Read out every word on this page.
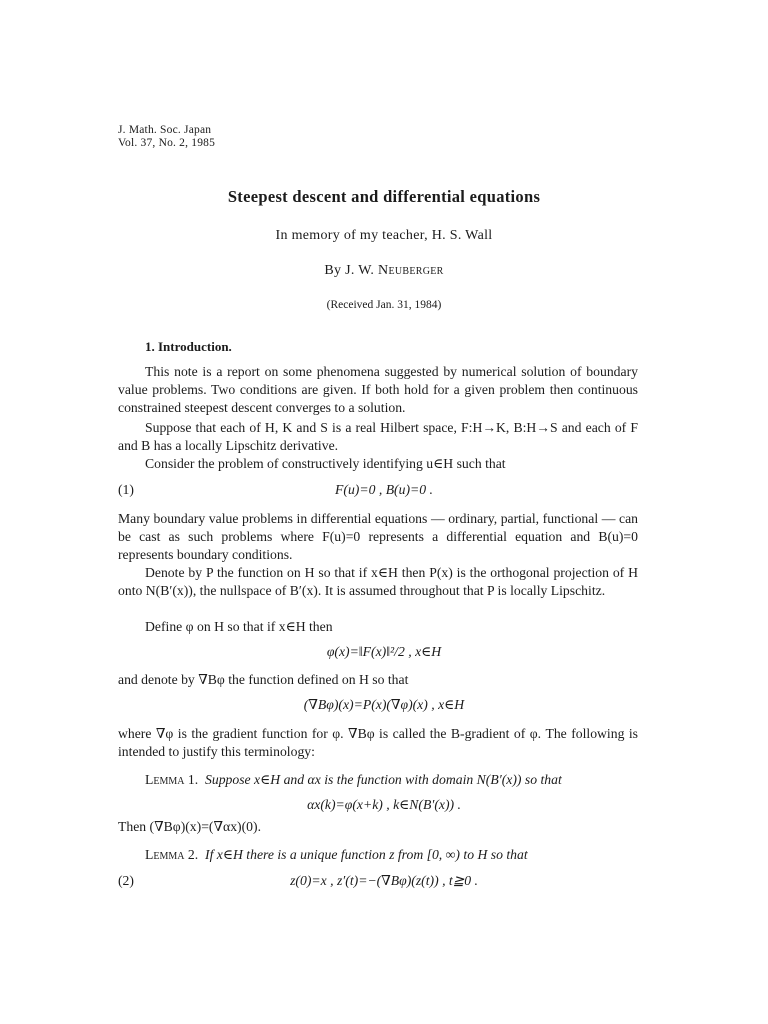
J. Math. Soc. Japan
Vol. 37, No. 2, 1985
Steepest descent and differential equations
In memory of my teacher, H. S. Wall
By J. W. Neuberger
(Received Jan. 31, 1984)
1. Introduction.
This note is a report on some phenomena suggested by numerical solution of boundary value problems. Two conditions are given. If both hold for a given problem then continuous constrained steepest descent converges to a solution.
Suppose that each of H, K and S is a real Hilbert space, F:H→K, B:H→S and each of F and B has a locally Lipschitz derivative.
Consider the problem of constructively identifying u∈H such that
(1)	F(u)=0 , B(u)=0 .
Many boundary value problems in differential equations — ordinary, partial, functional — can be cast as such problems where F(u)=0 represents a differential equation and B(u)=0 represents boundary conditions.
Denote by P the function on H so that if x∈H then P(x) is the orthogonal projection of H onto N(B′(x)), the nullspace of B′(x). It is assumed throughout that P is locally Lipschitz.
Define φ on H so that if x∈H then
φ(x)=‖F(x)‖²/2 , x∈H
and denote by ∇Bφ the function defined on H so that
(∇Bφ)(x)=P(x)(∇φ)(x) , x∈H
where ∇φ is the gradient function for φ. ∇Bφ is called the B-gradient of φ. The following is intended to justify this terminology:
Lemma 1. Suppose x∈H and αx is the function with domain N(B′(x)) so that
αx(k)=φ(x+k) , k∈N(B′(x)) .
Then (∇Bφ)(x)=(∇αx)(0).
Lemma 2. If x∈H there is a unique function z from [0, ∞) to H so that
(2)	z(0)=x , z′(t)=−(∇Bφ)(z(t)) , t≧0 .
